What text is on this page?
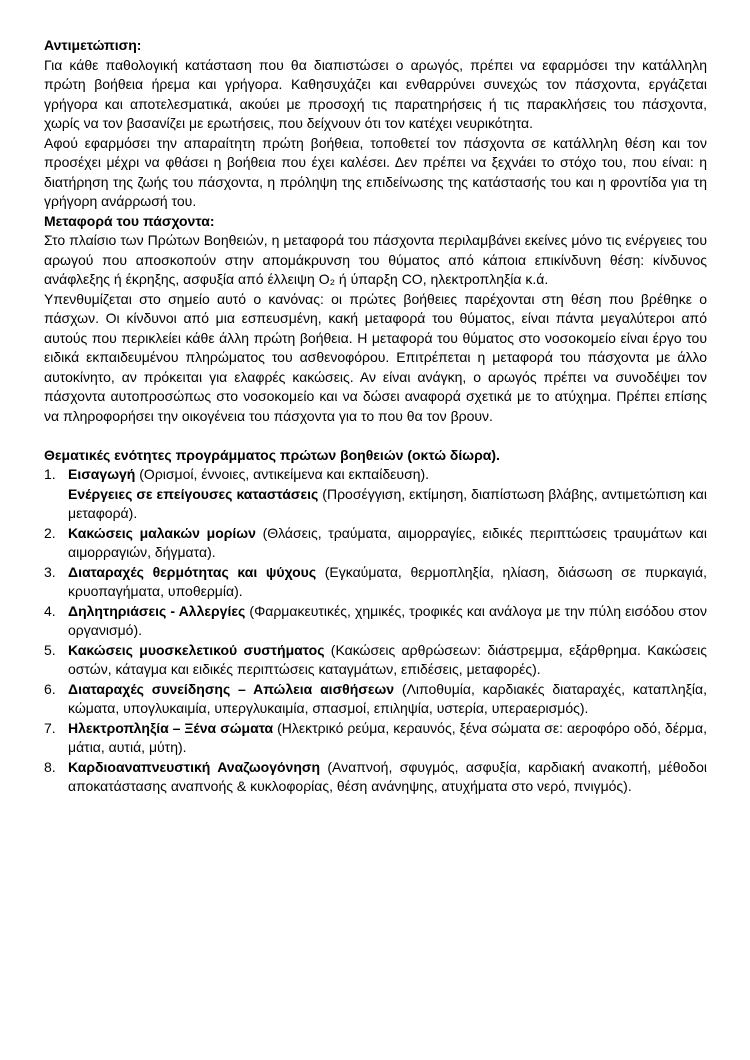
Αντιμετώπιση:

Για κάθε παθολογική κατάσταση που θα διαπιστώσει ο αρωγός, πρέπει να εφαρμόσει την κατάλληλη πρώτη βοήθεια ήρεμα και γρήγορα. Καθησυχάζει και ενθαρρύνει συνεχώς τον πάσχοντα, εργάζεται γρήγορα και αποτελεσματικά, ακούει με προσοχή τις παρατηρήσεις ή τις παρακλήσεις του πάσχοντα, χωρίς να τον βασανίζει με ερωτήσεις, που δείχνουν ότι τον κατέχει νευρικότητα.

Αφού εφαρμόσει την απαραίτητη πρώτη βοήθεια, τοποθετεί τον πάσχοντα σε κατάλληλη θέση και τον προσέχει μέχρι να φθάσει η βοήθεια που έχει καλέσει. Δεν πρέπει να ξεχνάει το στόχο του, που είναι: η διατήρηση της ζωής του πάσχοντα, η πρόληψη της επιδείνωσης της κατάστασής του και η φροντίδα για τη γρήγορη ανάρρωσή του.

Μεταφορά του πάσχοντα:

Στο πλαίσιο των Πρώτων Βοηθειών, η μεταφορά του πάσχοντα περιλαμβάνει εκείνες μόνο τις ενέργειες του αρωγού που αποσκοπούν στην απομάκρυνση του θύματος από κάποια επικίνδυνη θέση: κίνδυνος ανάφλεξης ή έκρηξης, ασφυξία από έλλειψη O₂ ή ύπαρξη CO, ηλεκτροπληξία κ.ά.

Υπενθυμίζεται στο σημείο αυτό ο κανόνας: οι πρώτες βοήθειες παρέχονται στη θέση που βρέθηκε ο πάσχων. Οι κίνδυνοι από μια εσπευσμένη, κακή μεταφορά του θύματος, είναι πάντα μεγαλύτεροι από αυτούς που περικλείει κάθε άλλη πρώτη βοήθεια. Η μεταφορά του θύματος στο νοσοκομείο είναι έργο του ειδικά εκπαιδευμένου πληρώματος του ασθενοφόρου. Επιτρέπεται η μεταφορά του πάσχοντα με άλλο αυτοκίνητο, αν πρόκειται για ελαφρές κακώσεις. Αν είναι ανάγκη, ο αρωγός πρέπει να συνοδέψει τον πάσχοντα αυτοπροσώπως στο νοσοκομείο και να δώσει αναφορά σχετικά με το ατύχημα. Πρέπει επίσης να πληροφορήσει την οικογένεια του πάσχοντα για το που θα τον βρουν.

Θεματικές ενότητες προγράμματος πρώτων βοηθειών (οκτώ δίωρα).
1. Εισαγωγή (Ορισμοί, έννοιες, αντικείμενα και εκπαίδευση).
Ενέργειες σε επείγουσες καταστάσεις (Προσέγγιση, εκτίμηση, διαπίστωση βλάβης, αντιμετώπιση και μεταφορά).
2. Κακώσεις μαλακών μορίων (Θλάσεις, τραύματα, αιμορραγίες, ειδικές περιπτώσεις τραυμάτων και αιμορραγιών, δήγματα).
3. Διαταραχές θερμότητας και ψύχους (Εγκαύματα, θερμοπληξία, ηλίαση, διάσωση σε πυρκαγιά, κρυοπαγήματα, υποθερμία).
4. Δηλητηριάσεις - Αλλεργίες (Φαρμακευτικές, χημικές, τροφικές και ανάλογα με την πύλη εισόδου στον οργανισμό).
5. Κακώσεις μυοσκελετικού συστήματος (Κακώσεις αρθρώσεων: διάστρεμμα, εξάρθρημα. Κακώσεις οστών, κάταγμα και ειδικές περιπτώσεις καταγμάτων, επιδέσεις, μεταφορές).
6. Διαταραχές συνείδησης – Απώλεια αισθήσεων (Λιποθυμία, καρδιακές διαταραχές, καταπληξία, κώματα, υπογλυκαιμία, υπεργλυκαιμία, σπασμοί, επιληψία, υστερία, υπεραερισμός).
7. Ηλεκτροπληξία – Ξένα σώματα (Ηλεκτρικό ρεύμα, κεραυνός, ξένα σώματα σε: αεροφόρο οδό, δέρμα, μάτια, αυτιά, μύτη).
8. Καρδιοαναπνευστική Αναζωογόνηση (Αναπνοή, σφυγμός, ασφυξία, καρδιακή ανακοπή, μέθοδοι αποκατάστασης αναπνοής & κυκλοφορίας, θέση ανάνηψης, ατυχήματα στο νερό, πνιγμός).
